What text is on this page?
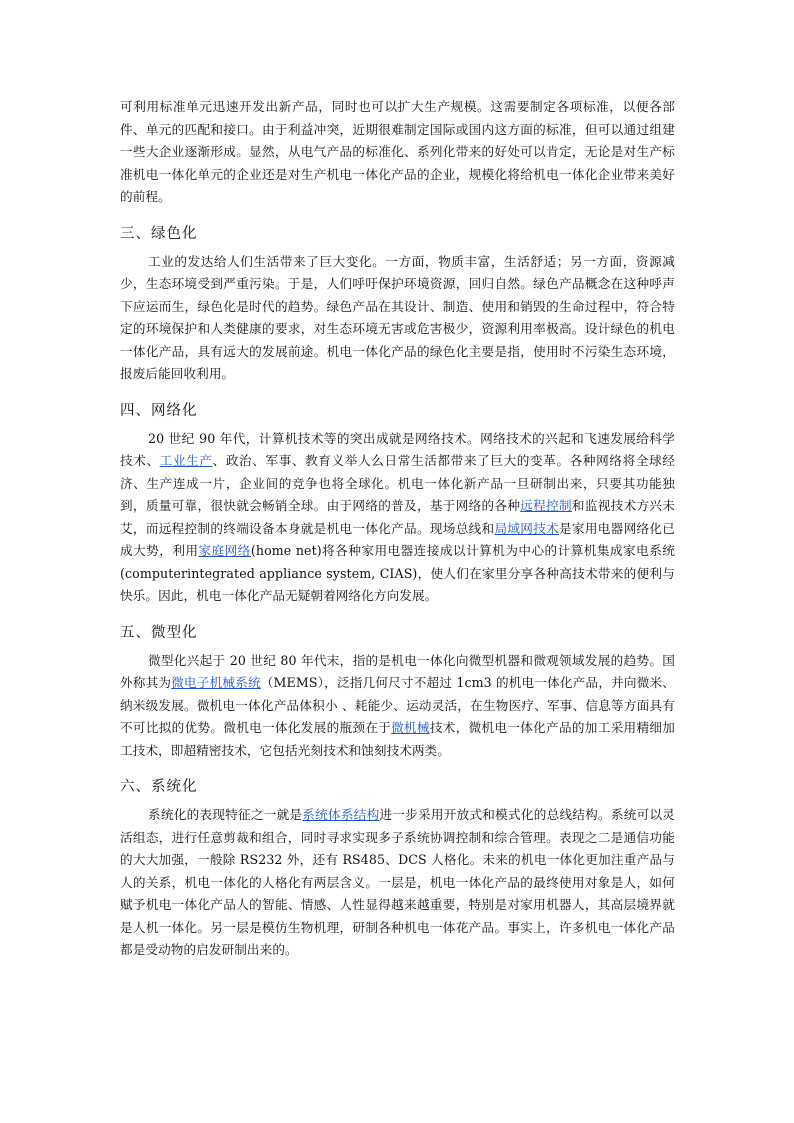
可利用标准单元迅速开发出新产品，同时也可以扩大生产规模。这需要制定各项标准，以便各部件、单元的匹配和接口。由于利益冲突，近期很难制定国际或国内这方面的标准，但可以通过组建一些大企业逐渐形成。显然，从电气产品的标准化、系列化带来的好处可以肯定，无论是对生产标准机电一体化单元的企业还是对生产机电一体化产品的企业，规模化将给机电一体化企业带来美好的前程。

三、绿色化

工业的发达给人们生活带来了巨大变化。一方面，物质丰富，生活舒适；另一方面，资源减少，生态环境受到严重污染。于是，人们呼吁保护环境资源，回归自然。绿色产品概念在这种呼声下应运而生，绿色化是时代的趋势。绿色产品在其设计、制造、使用和销毁的生命过程中，符合特定的环境保护和人类健康的要求，对生态环境无害或危害极少，资源利用率极高。设计绿色的机电一体化产品，具有远大的发展前途。机电一体化产品的绿色化主要是指，使用时不污染生态环境，报废后能回收利用。

四、网络化

20 世纪 90 年代，计算机技术等的突出成就是网络技术。网络技术的兴起和飞速发展给科学技术、工业生产、政治、军事、教育义举人么日常生活都带来了巨大的变革。各种网络将全球经济、生产连成一片，企业间的竞争也将全球化。机电一体化新产品一旦研制出来，只要其功能独到，质量可靠，很快就会畅销全球。由于网络的普及，基于网络的各种远程控制和监视技术方兴未艾，而远程控制的终端设备本身就是机电一体化产品。现场总线和局域网技术是家用电器网络化已成大势，利用家庭网络(home net)将各种家用电器连接成以计算机为中心的计算机集成家电系统(computerintegrated appliance system, CIAS)，使人们在家里分享各种高技术带来的便利与快乐。因此，机电一体化产品无疑朝着网络化方向发展。

五、微型化

微型化兴起于 20 世纪 80 年代末，指的是机电一体化向微型机器和微观领域发展的趋势。国外称其为微电子机械系统（MEMS），泛指几何尺寸不超过 1cm3 的机电一体化产品，并向微米、纳米级发展。微机电一体化产品体积小 、耗能少、运动灵活，在生物医疗、军事、信息等方面具有不可比拟的优势。微机电一体化发展的瓶颈在于微机械技术，微机电一体化产品的加工采用精细加工技术，即超精密技术，它包括光刻技术和蚀刻技术两类。

六、系统化

系统化的表现特征之一就是系统体系结构进一步采用开放式和模式化的总线结构。系统可以灵活组态，进行任意剪裁和组合，同时寻求实现多子系统协调控制和综合管理。表现之二是通信功能的大大加强，一般除 RS232 外，还有 RS485、DCS 人格化。未来的机电一体化更加注重产品与人的关系，机电一体化的人格化有两层含义。一层是，机电一体化产品的最终使用对象是人，如何赋予机电一体化产品人的智能、情感、人性显得越来越重要，特别是对家用机器人，其高层境界就是人机一体化。另一层是模仿生物机理，研制各种机电一体花产品。事实上，许多机电一体化产品都是受动物的启发研制出来的。
